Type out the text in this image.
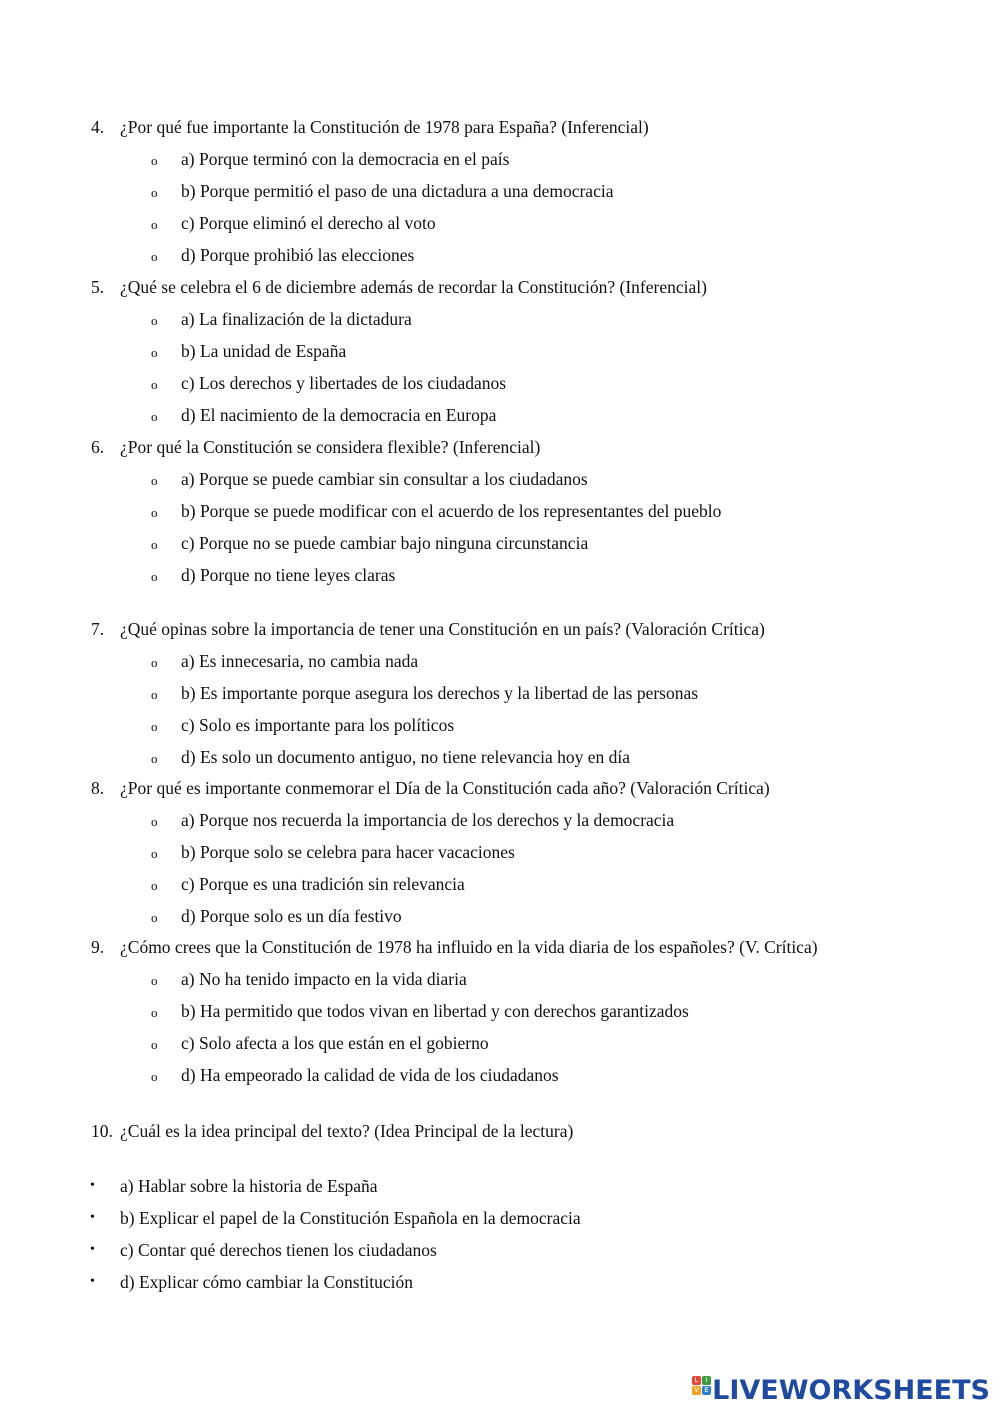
4. ¿Por qué fue importante la Constitución de 1978 para España? (Inferencial)
o a) Porque terminó con la democracia en el país
o b) Porque permitió el paso de una dictadura a una democracia
o c) Porque eliminó el derecho al voto
o d) Porque prohibió las elecciones
5. ¿Qué se celebra el 6 de diciembre además de recordar la Constitución? (Inferencial)
o a) La finalización de la dictadura
o b) La unidad de España
o c) Los derechos y libertades de los ciudadanos
o d) El nacimiento de la democracia en Europa
6. ¿Por qué la Constitución se considera flexible? (Inferencial)
o a) Porque se puede cambiar sin consultar a los ciudadanos
o b) Porque se puede modificar con el acuerdo de los representantes del pueblo
o c) Porque no se puede cambiar bajo ninguna circunstancia
o d) Porque no tiene leyes claras
7. ¿Qué opinas sobre la importancia de tener una Constitución en un país? (Valoración Crítica)
o a) Es innecesaria, no cambia nada
o b) Es importante porque asegura los derechos y la libertad de las personas
o c) Solo es importante para los políticos
o d) Es solo un documento antiguo, no tiene relevancia hoy en día
8. ¿Por qué es importante conmemorar el Día de la Constitución cada año? (Valoración Crítica)
o a) Porque nos recuerda la importancia de los derechos y la democracia
o b) Porque solo se celebra para hacer vacaciones
o c) Porque es una tradición sin relevancia
o d) Porque solo es un día festivo
9. ¿Cómo crees que la Constitución de 1978 ha influido en la vida diaria de los españoles? (V. Crítica)
o a) No ha tenido impacto en la vida diaria
o b) Ha permitido que todos vivan en libertad y con derechos garantizados
o c) Solo afecta a los que están en el gobierno
o d) Ha empeorado la calidad de vida de los ciudadanos
10. ¿Cuál es la idea principal del texto? (Idea Principal de la lectura)
• a) Hablar sobre la historia de España
• b) Explicar el papel de la Constitución Española en la democracia
• c) Contar qué derechos tienen los ciudadanos
• d) Explicar cómo cambiar la Constitución
L	I
V E LIVEWORKSHEETS
